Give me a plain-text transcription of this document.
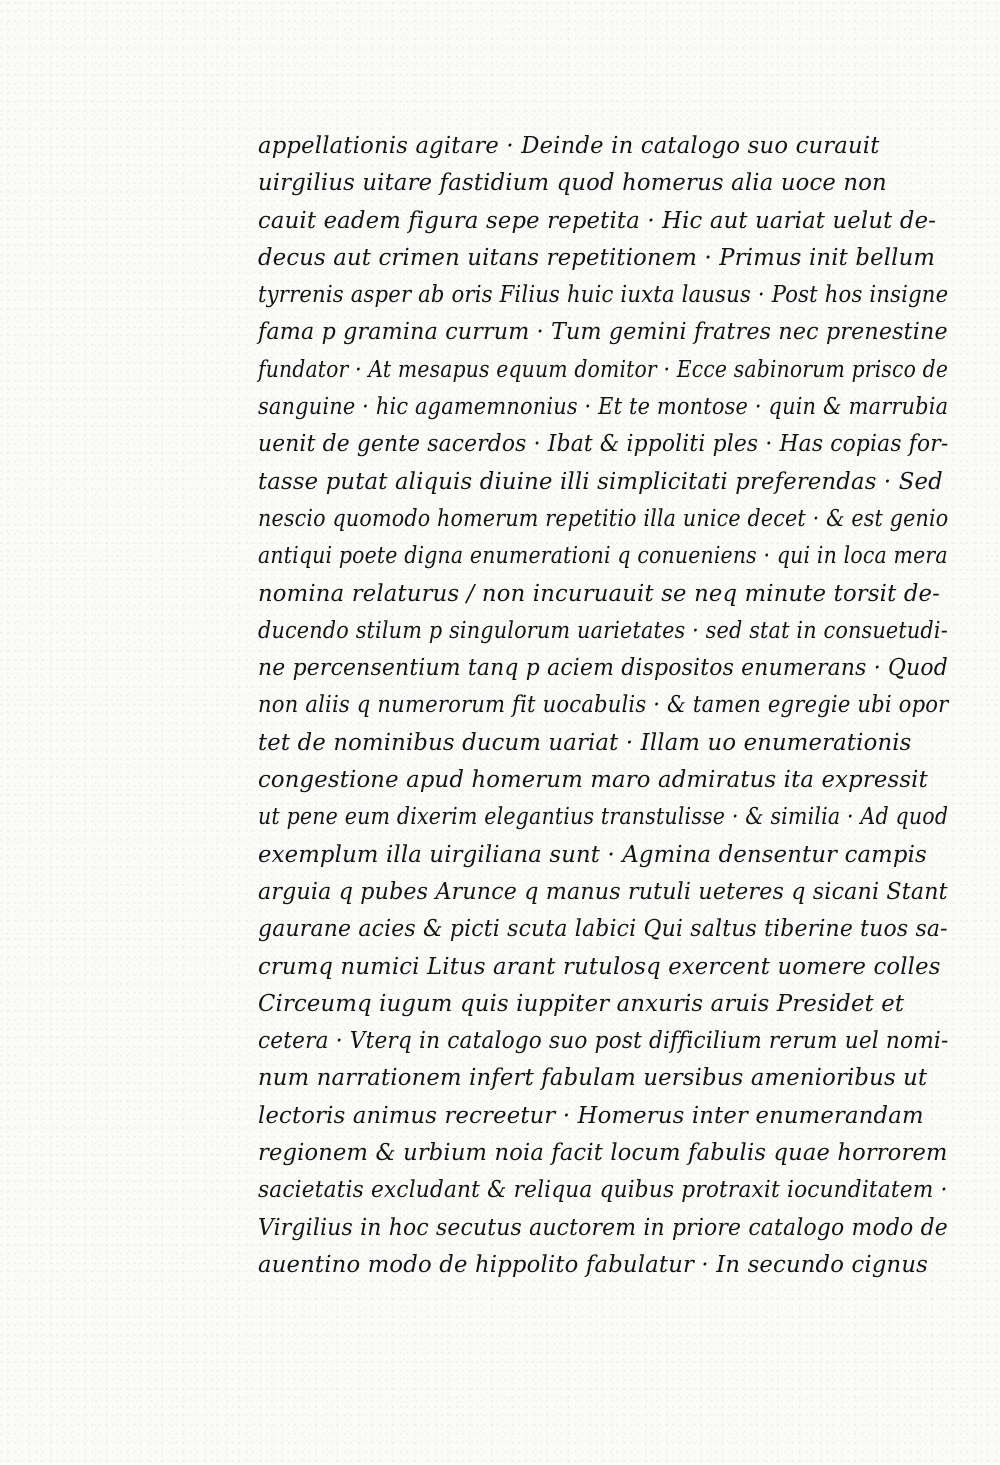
appellationis agitare · Deinde in catalogo suo curauit
uirgilius uitare fastidium quod homerus alia uoce non
cauit eadem figura sepe repetita · Hic aut uariat uelut de-
decus aut crimen uitans repetitionem · Primus init bellum
tyrrenis asper ab oris Filius huic iuxta lausus · Post hos insigne
fama p gramina currum · Tum gemini fratres nec prenestine
fundator · At mesapus equum domitor · Ecce sabinorum prisco de
sanguine · hic agamemnonius · Et te montose · quin & marrubia
uenit de gente sacerdos · Ibat & ippoliti ples · Has copias for-
tasse putat aliquis diuine illi simplicitati preferendas · Sed
nescio quomodo homerum repetitio illa unice decet · & est genio
antiqui poete digna enumerationi q conueniens · qui in loca mera
nomina relaturus / non incuruauit se neq minute torsit de-
ducendo stilum p singulorum uarietates · sed stat in consuetudi-
ne percensentium tanq p aciem dispositos enumerans · Quod
non aliis q numerorum fit uocabulis · & tamen egregie ubi opor
tet de nominibus ducum uariat · Illam uo enumerationis
congestione apud homerum maro admiratus ita expressit
ut pene eum dixerim elegantius transtulisse · & similia · Ad quod
exemplum illa uirgiliana sunt · Agmina densentur campis
arguia q pubes Arunce q manus rutuli ueteres q sicani Stant
gaurane acies & picti scuta labici Qui saltus tiberine tuos sa-
crumq numici Litus arant rutulosq exercent uomere colles
Circeumq iugum quis iuppiter anxuris aruis Presidet et
cetera · Vterq in catalogo suo post difficilium rerum uel nomi-
num narrationem infert fabulam uersibus amenioribus ut
lectoris animus recreetur · Homerus inter enumerandam
regionem & urbium noia facit locum fabulis quae horrorem
sacietatis excludant & reliqua quibus protraxit iocunditatem ·
Virgilius in hoc secutus auctorem in priore catalogo modo de
auentino modo de hippolito fabulatur · In secundo cignus
